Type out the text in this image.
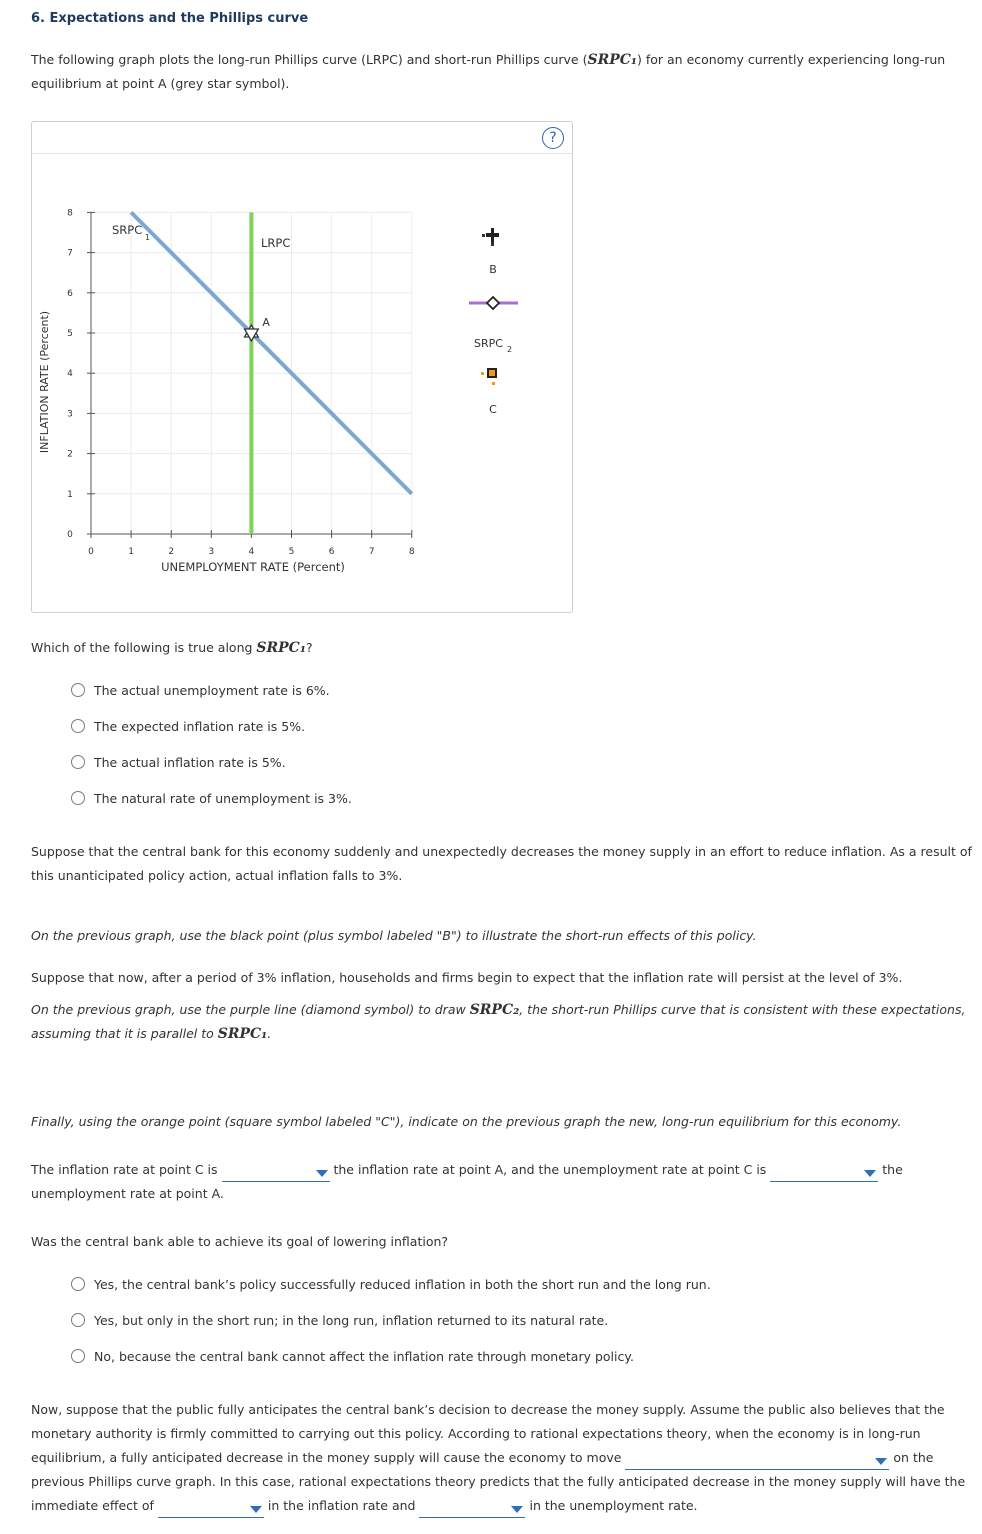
6. Expectations and the Phillips curve
The following graph plots the long-run Phillips curve (LRPC) and short-run Phillips curve (SRPC₁) for an economy currently experiencing long-run
equilibrium at point A (grey star symbol).
?
0	1	2	3	4	5	6	7	8
0
1
2
3
4
5
6
7
8
INFLATION RATE (Percent)
UNEMPLOYMENT RATE (Percent)
SRPC
1	LRPC
A
B
SRPC 2
C
Which of the following is true along SRPC₁?
The actual unemployment rate is 6%.
The expected inflation rate is 5%.
The actual inflation rate is 5%.
The natural rate of unemployment is 3%.
Suppose that the central bank for this economy suddenly and unexpectedly decreases the money supply in an effort to reduce inflation. As a result of
this unanticipated policy action, actual inflation falls to 3%.
On the previous graph, use the black point (plus symbol labeled "B") to illustrate the short-run effects of this policy.
Suppose that now, after a period of 3% inflation, households and firms begin to expect that the inflation rate will persist at the level of 3%.
On the previous graph, use the purple line (diamond symbol) to draw SRPC₂, the short-run Phillips curve that is consistent with these expectations,
assuming that it is parallel to SRPC₁.
Finally, using the orange point (square symbol labeled "C"), indicate on the previous graph the new, long-run equilibrium for this economy.
The inflation rate at point C is	the inflation rate at point A, and the unemployment rate at point C is	the
unemployment rate at point A.
Was the central bank able to achieve its goal of lowering inflation?
Yes, the central bank’s policy successfully reduced inflation in both the short run and the long run.
Yes, but only in the short run; in the long run, inflation returned to its natural rate.
No, because the central bank cannot affect the inflation rate through monetary policy.
Now, suppose that the public fully anticipates the central bank’s decision to decrease the money supply. Assume the public also believes that the
monetary authority is firmly committed to carrying out this policy. According to rational expectations theory, when the economy is in long-run
equilibrium, a fully anticipated decrease in the money supply will cause the economy to move	on the
previous Phillips curve graph. In this case, rational expectations theory predicts that the fully anticipated decrease in the money supply will have the
immediate effect of	in the inflation rate and	in the unemployment rate.
